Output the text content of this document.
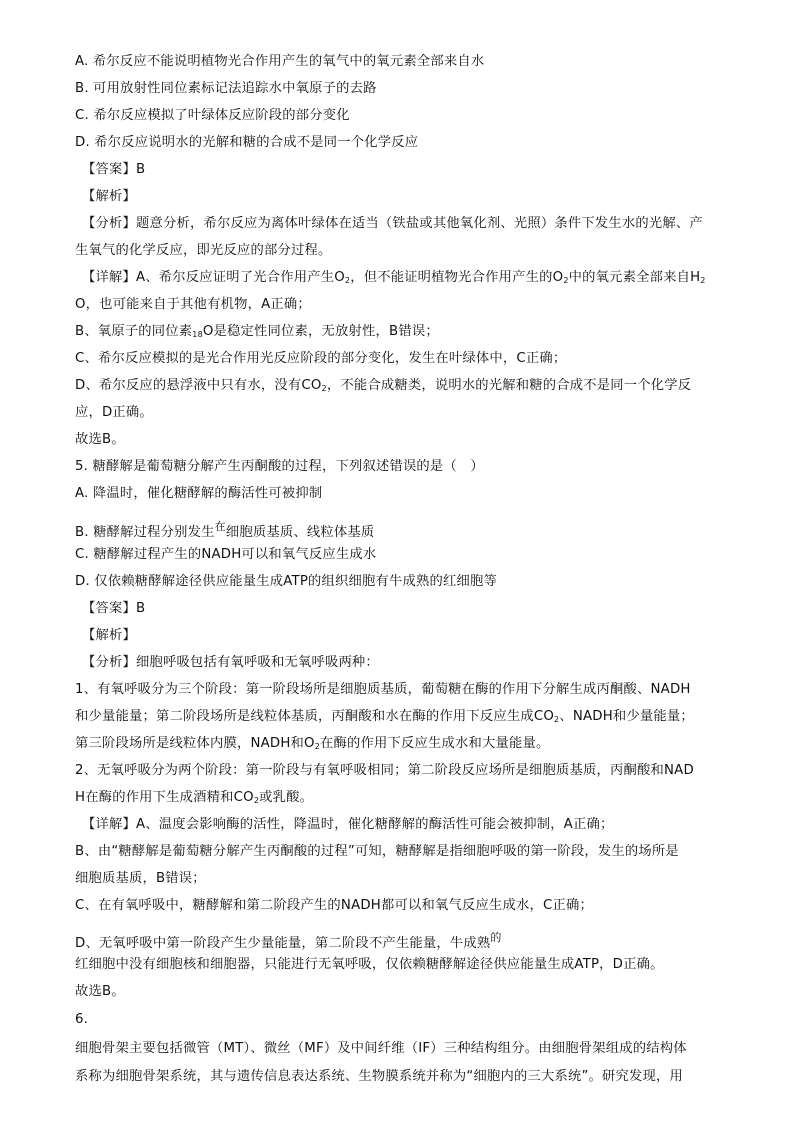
A. 希尔反应不能说明植物光合作用产生的氧气中的氧元素全部来自水
B. 可用放射性同位素标记法追踪水中氧原子的去路
C. 希尔反应模拟了叶绿体反应阶段的部分变化
D. 希尔反应说明水的光解和糖的合成不是同一个化学反应
【答案】B
【解析】
【分析】题意分析，希尔反应为离体叶绿体在适当（铁盐或其他氧化剂、光照）条件下发生水的光解、产
生氧气的化学反应，即光反应的部分过程。
【详解】A、希尔反应证明了光合作用产生$O_2$，但不能证明植物光合作用产生的$O_2$中的氧元素全部来自$H_2$
O，也可能来自于其他有机物，A正确；
B、氧原子的同位素$_{18}$O是稳定性同位素，无放射性，B错误；
C、希尔反应模拟的是光合作用光反应阶段的部分变化，发生在叶绿体中，C正确；
D、希尔反应的悬浮液中只有水，没有$CO_2$，不能合成糖类，说明水的光解和糖的合成不是同一个化学反
应，D正确。
故选B。
5. 糖酵解是葡萄糖分解产生丙酮酸的过程，下列叙述错误的是（　）
A. 降温时，催化糖酵解的酶活性可被抑制
B. 糖酵解过程分别发生$^在$细胞质基质、线粒体基质
C. 糖酵解过程产生的NADH可以和氧气反应生成水
D. 仅依赖糖酵解途径供应能量生成ATP的组织细胞有牛成熟的红细胞等
【答案】B
【解析】
【分析】细胞呼吸包括有氧呼吸和无氧呼吸两种：
1、有氧呼吸分为三个阶段：第一阶段场所是细胞质基质，葡萄糖在酶的作用下分解生成丙酮酸、NADH
和少量能量；第二阶段场所是线粒体基质，丙酮酸和水在酶的作用下反应生成$CO_2$、NADH和少量能量；
第三阶段场所是线粒体内膜，NADH和$O_2$在酶的作用下反应生成水和大量能量。
2、无氧呼吸分为两个阶段：第一阶段与有氧呼吸相同；第二阶段反应场所是细胞质基质，丙酮酸和NAD
H在酶的作用下生成酒精和$CO_2$或乳酸。
【详解】A、温度会影响酶的活性，降温时，催化糖酵解的酶活性可能会被抑制，A正确；
B、由“糖酵解是葡萄糖分解产生丙酮酸的过程”可知，糖酵解是指细胞呼吸的第一阶段，发生的场所是
细胞质基质，B错误；
C、在有氧呼吸中，糖酵解和第二阶段产生的NADH都可以和氧气反应生成水，C正确；
D、无氧呼吸中第一阶段产生少量能量，第二阶段不产生能量，牛成熟$^的$
红细胞中没有细胞核和细胞器，只能进行无氧呼吸，仅依赖糖酵解途径供应能量生成ATP，D正确。
故选B。
6.
细胞骨架主要包括微管（MT）、微丝（MF）及中间纤维（IF）三种结构组分。由细胞骨架组成的结构体
系称为细胞骨架系统，其与遗传信息表达系统、生物膜系统并称为“细胞内的三大系统”。研究发现，用
